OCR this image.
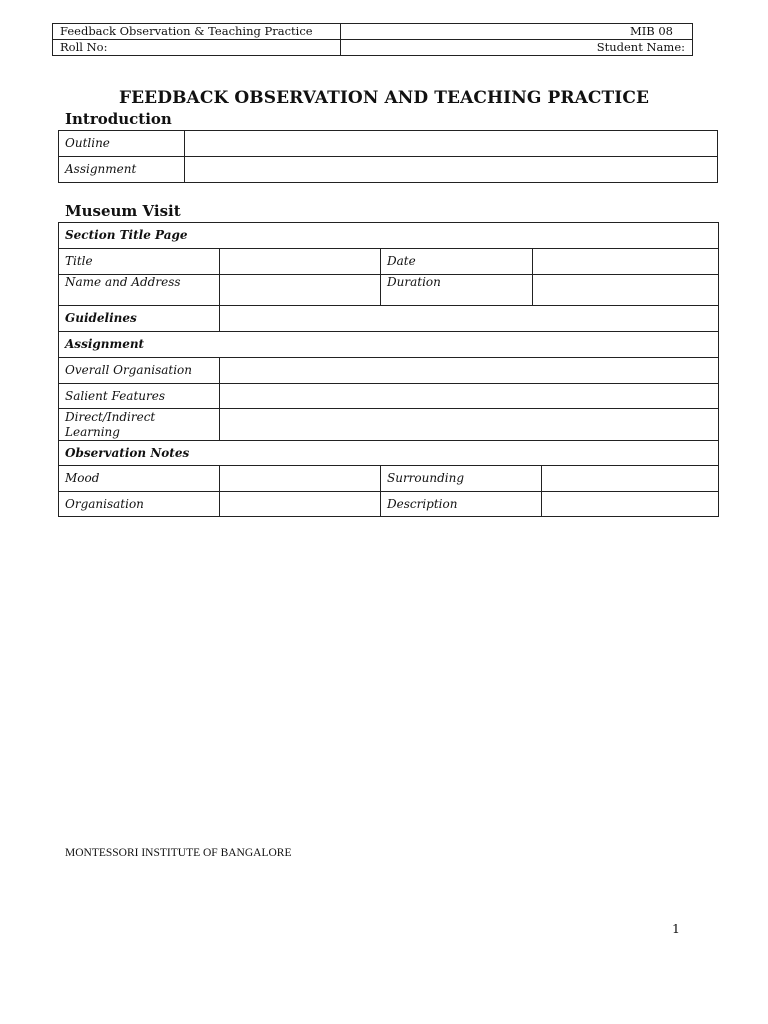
Feedback Observation & Teaching Practice	MIB 08
Roll No:	Student Name:
FEEDBACK OBSERVATION AND TEACHING PRACTICE
Introduction
Outline	
Assignment	
Museum Visit
Section Title Page				
Title		Date		
Name and Address		Duration		
Guidelines				
Assignment				
Overall Organisation				
Salient Features				
Direct/Indirect Learning				
Observation Notes				
Mood		Surrounding		
Organisation		Description		
MONTESSORI INSTITUTE OF BANGALORE
1
